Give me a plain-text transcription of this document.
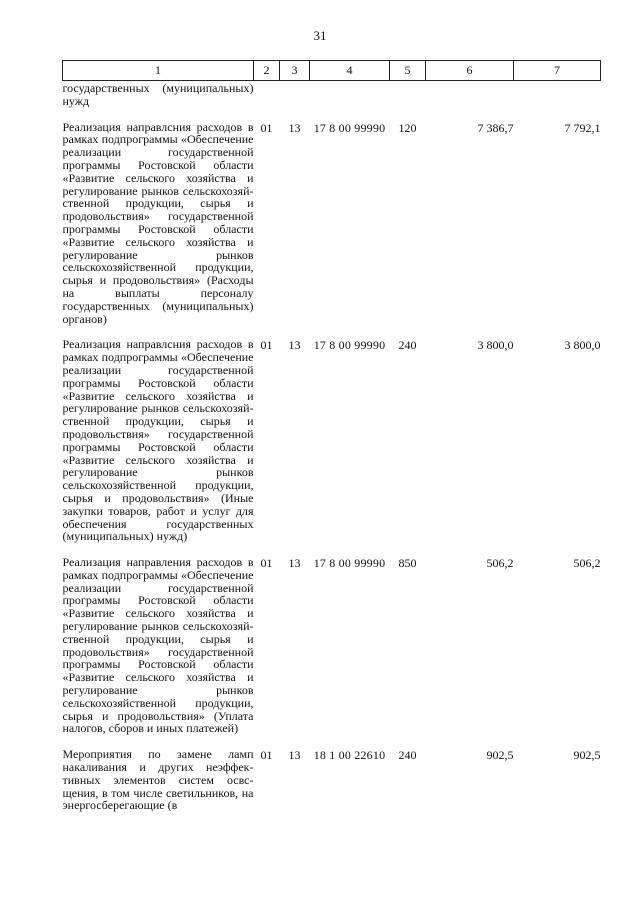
31
1	2	3	4	5	6	7
государственных (муниципальных) нужд						
Реализация направлсния расходов в рамках подпрограммы «Обеспечение реализации государственной программы Ростовской области «Развитие сельского хозяйства и регулирование рынков сельскохозяйственной продукции, сырья и продовольствия» государственной программы Ростовской области «Развитие сельского хозяйства и регулирование рынков сельскохозяйственной продукции, сырья и продовольствия» (Расходы на выплаты персоналу государственных (муниципальных) органов)	01	13	17 8 00 99990	120	7 386,7	7 792,1
Реализация направлсния расходов в рамках подпрограммы «Обеспечение реализации государственной программы Ростовской области «Развитие сельского хозяйства и регулирование рынков сельскохозяйственной продукции, сырья и продовольствия» государственной программы Ростовской области «Развитие сельского хозяйства и регулирование рынков сельскохозяйственной продукции, сырья и продовольствия» (Иные закупки товаров, работ и услуг для обеспечения государственных (муниципальных) нужд)	01	13	17 8 00 99990	240	3 800,0	3 800,0
Реализация направления расходов в рамках подпрограммы «Обеспечение реализации государственной программы Ростовской области «Развитие сельского хозяйства и регулирование рынков сельскохозяйственной продукции, сырья и продовольствия» государственной программы Ростовской области «Развитие сельского хозяйства и регулирование рынков сельскохозяйственной продукции, сырья и продовольствия» (Уплата налогов, сборов и иных платежей)	01	13	17 8 00 99990	850	506,2	506,2
Мероприятия по замене ламп накаливания и других неэффективных элементов систем освсщения, в том числе светильников, на энергосберегающие (в	01	13	18 1 00 22610	240	902,5	902,5
